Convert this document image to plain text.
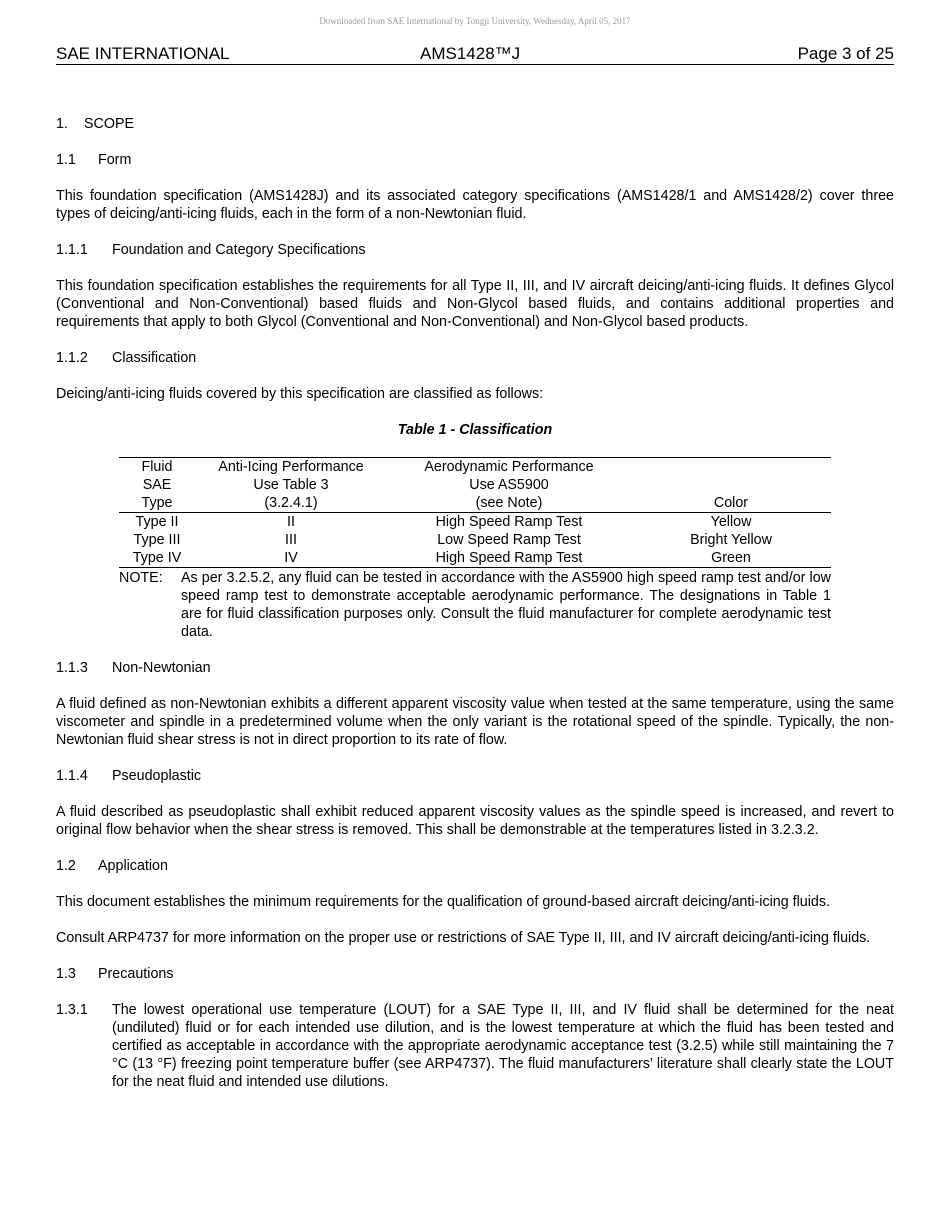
Downloaded from SAE International by Tongji University, Wednesday, April 05, 2017
SAE INTERNATIONAL	AMS1428™J	Page 3 of 25
1. SCOPE
1.1 Form

This foundation specification (AMS1428J) and its associated category specifications (AMS1428/1 and AMS1428/2) cover three types of deicing/anti-icing fluids, each in the form of a non-Newtonian fluid.

1.1.1 Foundation and Category Specifications

This foundation specification establishes the requirements for all Type II, III, and IV aircraft deicing/anti-icing fluids. It defines Glycol (Conventional and Non-Conventional) based fluids and Non-Glycol based fluids, and contains additional properties and requirements that apply to both Glycol (Conventional and Non-Conventional) and Non-Glycol based products.

1.1.2 Classification

Deicing/anti-icing fluids covered by this specification are classified as follows:

Table 1 - Classification
Fluid	Anti-Icing Performance	Aerodynamic Performance	
SAE	Use Table 3	Use AS5900	
Type	(3.2.4.1)	(see Note)	Color
Type II	II	High Speed Ramp Test	Yellow
Type III	III	Low Speed Ramp Test	Bright Yellow
Type IV	IV	High Speed Ramp Test	Green
NOTE: As per 3.2.5.2, any fluid can be tested in accordance with the AS5900 high speed ramp test and/or low speed ramp test to demonstrate acceptable aerodynamic performance. The designations in Table 1 are for fluid classification purposes only. Consult the fluid manufacturer for complete aerodynamic test data.
1.1.3 Non-Newtonian

A fluid defined as non-Newtonian exhibits a different apparent viscosity value when tested at the same temperature, using the same viscometer and spindle in a predetermined volume when the only variant is the rotational speed of the spindle. Typically, the non-Newtonian fluid shear stress is not in direct proportion to its rate of flow.

1.1.4 Pseudoplastic

A fluid described as pseudoplastic shall exhibit reduced apparent viscosity values as the spindle speed is increased, and revert to original flow behavior when the shear stress is removed. This shall be demonstrable at the temperatures listed in 3.2.3.2.

1.2 Application

This document establishes the minimum requirements for the qualification of ground-based aircraft deicing/anti-icing fluids.

Consult ARP4737 for more information on the proper use or restrictions of SAE Type II, III, and IV aircraft deicing/anti-icing fluids.

1.3 Precautions
1.3.1 The lowest operational use temperature (LOUT) for a SAE Type II, III, and IV fluid shall be determined for the neat (undiluted) fluid or for each intended use dilution, and is the lowest temperature at which the fluid has been tested and certified as acceptable in accordance with the appropriate aerodynamic acceptance test (3.2.5) while still maintaining the 7 °C (13 °F) freezing point temperature buffer (see ARP4737). The fluid manufacturers’ literature shall clearly state the LOUT for the neat fluid and intended use dilutions.
